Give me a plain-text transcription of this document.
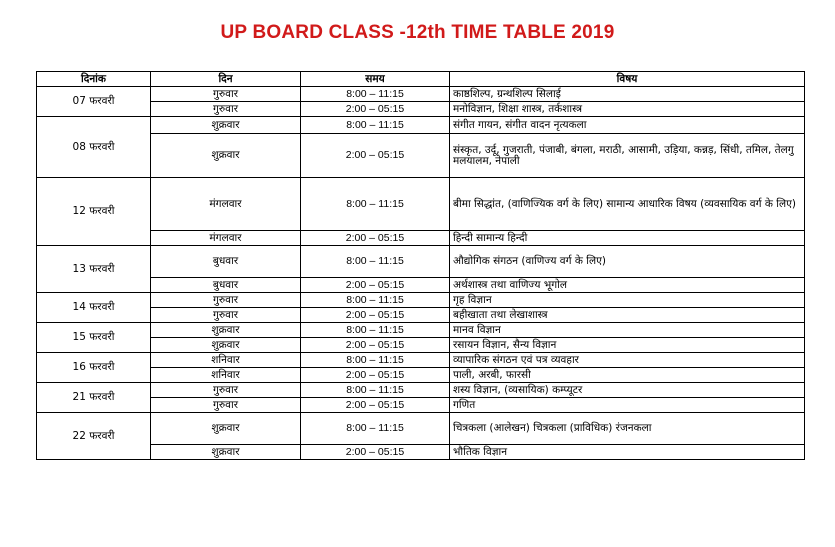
UP BOARD CLASS -12th TIME TABLE 2019
दिनांक	दिन	समय	विषय
07 फरवरी	गुरुवार	8:00 – 11:15	काष्ठशिल्प, ग्रन्थशिल्प सिलाई
	गुरुवार	2:00 – 05:15	मनोविज्ञान, शिक्षा शास्त्र, तर्कशास्त्र
08 फरवरी	शुक्रवार	8:00 – 11:15	संगीत गायन, संगीत वादन नृत्यकला
	शुक्रवार	2:00 – 05:15	संस्कृत, उर्दू, गुजराती, पंजाबी, बंगला, मराठी, आसामी, उड़िया, कन्नड़, सिंधी, तमिल, तेलगु मलयालम, नेपाली
12 फरवरी	मंगलवार	8:00 – 11:15	बीमा सिद्धांत, (वाणिज्यिक वर्ग के लिए) सामान्य आधारिक विषय (व्यवसायिक वर्ग के लिए)
	मंगलवार	2:00 – 05:15	हिन्दी सामान्य हिन्दी
13 फरवरी	बुधवार	8:00 – 11:15	औद्योगिक संगठन (वाणिज्य वर्ग के लिए)
	बुधवार	2:00 – 05:15	अर्थशास्त्र तथा वाणिज्य भूगोल
14 फरवरी	गुरुवार	8:00 – 11:15	गृह विज्ञान
	गुरुवार	2:00 – 05:15	बहीखाता तथा लेखाशास्त्र
15 फरवरी	शुक्रवार	8:00 – 11:15	मानव विज्ञान
	शुक्रवार	2:00 – 05:15	रसायन विज्ञान, सैन्य विज्ञान
16 फरवरी	शनिवार	8:00 – 11:15	व्यापारिक संगठन एवं पत्र व्यवहार
	शनिवार	2:00 – 05:15	पाली, अरबी, फारसी
21 फरवरी	गुरुवार	8:00 – 11:15	शस्य विज्ञान, (व्यसायिक) कम्प्यूटर
	गुरुवार	2:00 – 05:15	गणित
22 फरवरी	शुक्रवार	8:00 – 11:15	चित्रकला (आलेखन) चित्रकला (प्राविधिक) रंजनकला
	शुक्रवार	2:00 – 05:15	भौतिक विज्ञान
